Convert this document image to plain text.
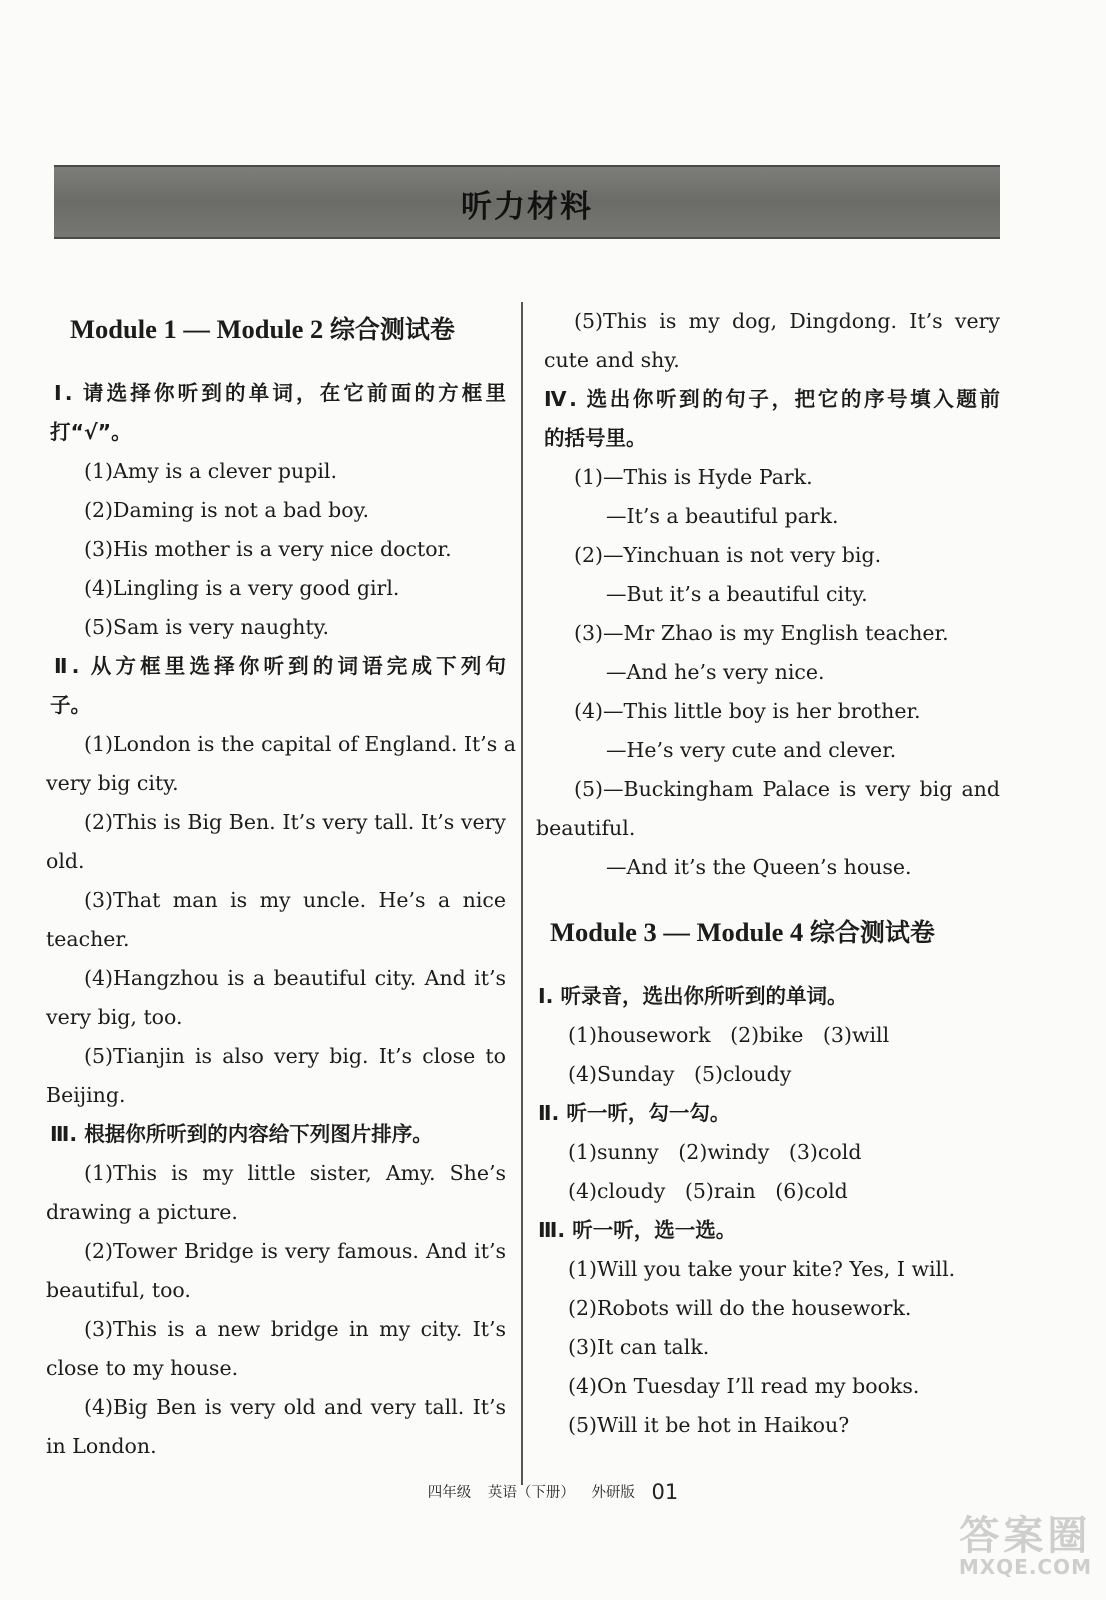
听力材料
Module 1 — Module 2 综合测试卷
Ⅰ. 请选择你听到的单词，在它前面的方框里
打“√”。
(1)Amy is a clever pupil.
(2)Daming is not a bad boy.
(3)His mother is a very nice doctor.
(4)Lingling is a very good girl.
(5)Sam is very naughty.
Ⅱ. 从方框里选择你听到的词语完成下列句
子。
(1)London is the capital of England. It’s a
very big city.
(2)This is Big Ben. It’s very tall. It’s very
old.
(3)That man is my uncle. He’s a nice
teacher.
(4)Hangzhou is a beautiful city. And it’s
very big, too.
(5)Tianjin is also very big. It’s close to
Beijing.
Ⅲ. 根据你所听到的内容给下列图片排序。
(1)This is my little sister, Amy. She’s
drawing a picture.
(2)Tower Bridge is very famous. And it’s
beautiful, too.
(3)This is a new bridge in my city. It’s
close to my house.
(4)Big Ben is very old and very tall. It’s
in London.
(5)This is my dog, Dingdong. It’s very
cute and shy.
Ⅳ. 选出你听到的句子，把它的序号填入题前
的括号里。
(1)—This is Hyde Park.
—It’s a beautiful park.
(2)—Yinchuan is not very big.
—But it’s a beautiful city.
(3)—Mr Zhao is my English teacher.
—And he’s very nice.
(4)—This little boy is her brother.
—He’s very cute and clever.
(5)—Buckingham Palace is very big and
beautiful.
—And it’s the Queen’s house.
Module 3 — Module 4 综合测试卷
Ⅰ. 听录音，选出你所听到的单词。
(1)housework   (2)bike   (3)will
(4)Sunday   (5)cloudy
Ⅱ. 听一听，勾一勾。
(1)sunny   (2)windy   (3)cold
(4)cloudy   (5)rain   (6)cold
Ⅲ. 听一听，选一选。
(1)Will you take your kite? Yes, I will.
(2)Robots will do the housework.
(3)It can talk.
(4)On Tuesday I’ll read my books.
(5)Will it be hot in Haikou?
四年级 英语（下册） 外研版 01
答案圈
MXQE.COM
